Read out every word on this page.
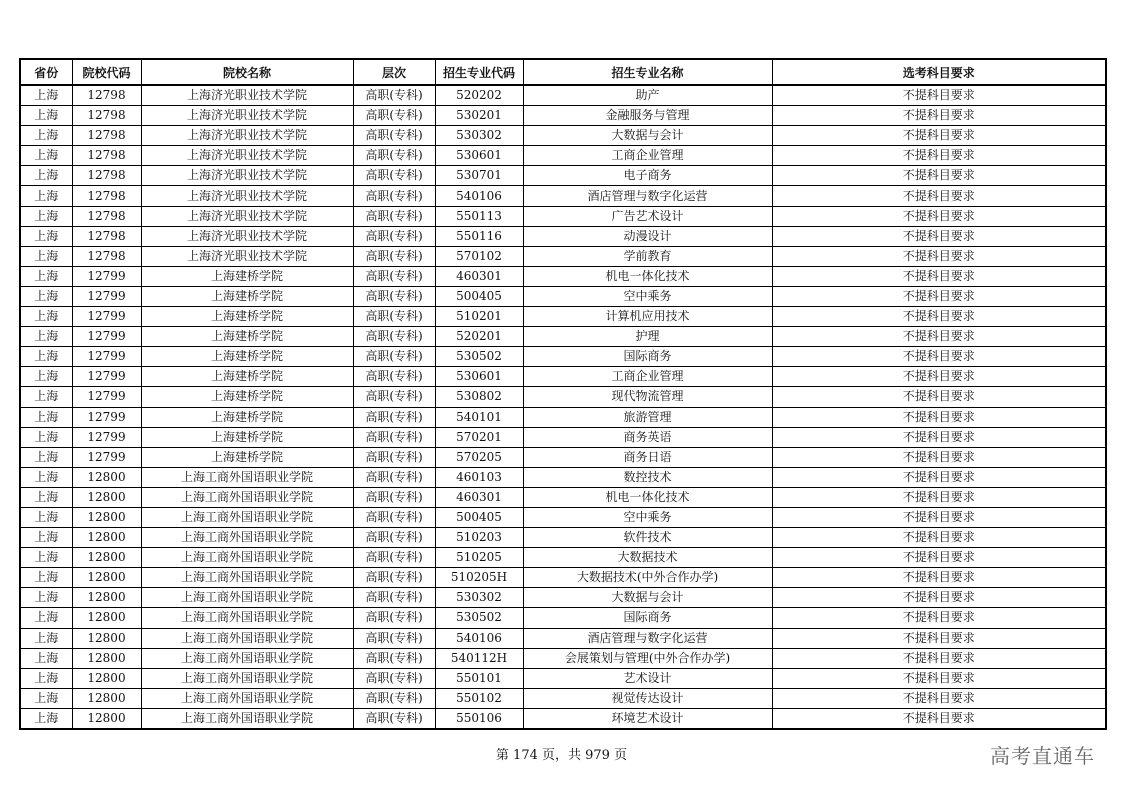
省份	院校代码	院校名称	层次	招生专业代码	招生专业名称	选考科目要求
上海	12798	上海济光职业技术学院	高职(专科)	520202	助产	不提科目要求
上海	12798	上海济光职业技术学院	高职(专科)	530201	金融服务与管理	不提科目要求
上海	12798	上海济光职业技术学院	高职(专科)	530302	大数据与会计	不提科目要求
上海	12798	上海济光职业技术学院	高职(专科)	530601	工商企业管理	不提科目要求
上海	12798	上海济光职业技术学院	高职(专科)	530701	电子商务	不提科目要求
上海	12798	上海济光职业技术学院	高职(专科)	540106	酒店管理与数字化运营	不提科目要求
上海	12798	上海济光职业技术学院	高职(专科)	550113	广告艺术设计	不提科目要求
上海	12798	上海济光职业技术学院	高职(专科)	550116	动漫设计	不提科目要求
上海	12798	上海济光职业技术学院	高职(专科)	570102	学前教育	不提科目要求
上海	12799	上海建桥学院	高职(专科)	460301	机电一体化技术	不提科目要求
上海	12799	上海建桥学院	高职(专科)	500405	空中乘务	不提科目要求
上海	12799	上海建桥学院	高职(专科)	510201	计算机应用技术	不提科目要求
上海	12799	上海建桥学院	高职(专科)	520201	护理	不提科目要求
上海	12799	上海建桥学院	高职(专科)	530502	国际商务	不提科目要求
上海	12799	上海建桥学院	高职(专科)	530601	工商企业管理	不提科目要求
上海	12799	上海建桥学院	高职(专科)	530802	现代物流管理	不提科目要求
上海	12799	上海建桥学院	高职(专科)	540101	旅游管理	不提科目要求
上海	12799	上海建桥学院	高职(专科)	570201	商务英语	不提科目要求
上海	12799	上海建桥学院	高职(专科)	570205	商务日语	不提科目要求
上海	12800	上海工商外国语职业学院	高职(专科)	460103	数控技术	不提科目要求
上海	12800	上海工商外国语职业学院	高职(专科)	460301	机电一体化技术	不提科目要求
上海	12800	上海工商外国语职业学院	高职(专科)	500405	空中乘务	不提科目要求
上海	12800	上海工商外国语职业学院	高职(专科)	510203	软件技术	不提科目要求
上海	12800	上海工商外国语职业学院	高职(专科)	510205	大数据技术	不提科目要求
上海	12800	上海工商外国语职业学院	高职(专科)	510205H	大数据技术(中外合作办学)	不提科目要求
上海	12800	上海工商外国语职业学院	高职(专科)	530302	大数据与会计	不提科目要求
上海	12800	上海工商外国语职业学院	高职(专科)	530502	国际商务	不提科目要求
上海	12800	上海工商外国语职业学院	高职(专科)	540106	酒店管理与数字化运营	不提科目要求
上海	12800	上海工商外国语职业学院	高职(专科)	540112H	会展策划与管理(中外合作办学)	不提科目要求
上海	12800	上海工商外国语职业学院	高职(专科)	550101	艺术设计	不提科目要求
上海	12800	上海工商外国语职业学院	高职(专科)	550102	视觉传达设计	不提科目要求
上海	12800	上海工商外国语职业学院	高职(专科)	550106	环境艺术设计	不提科目要求
第 174 页，共 979 页	高考直通车
